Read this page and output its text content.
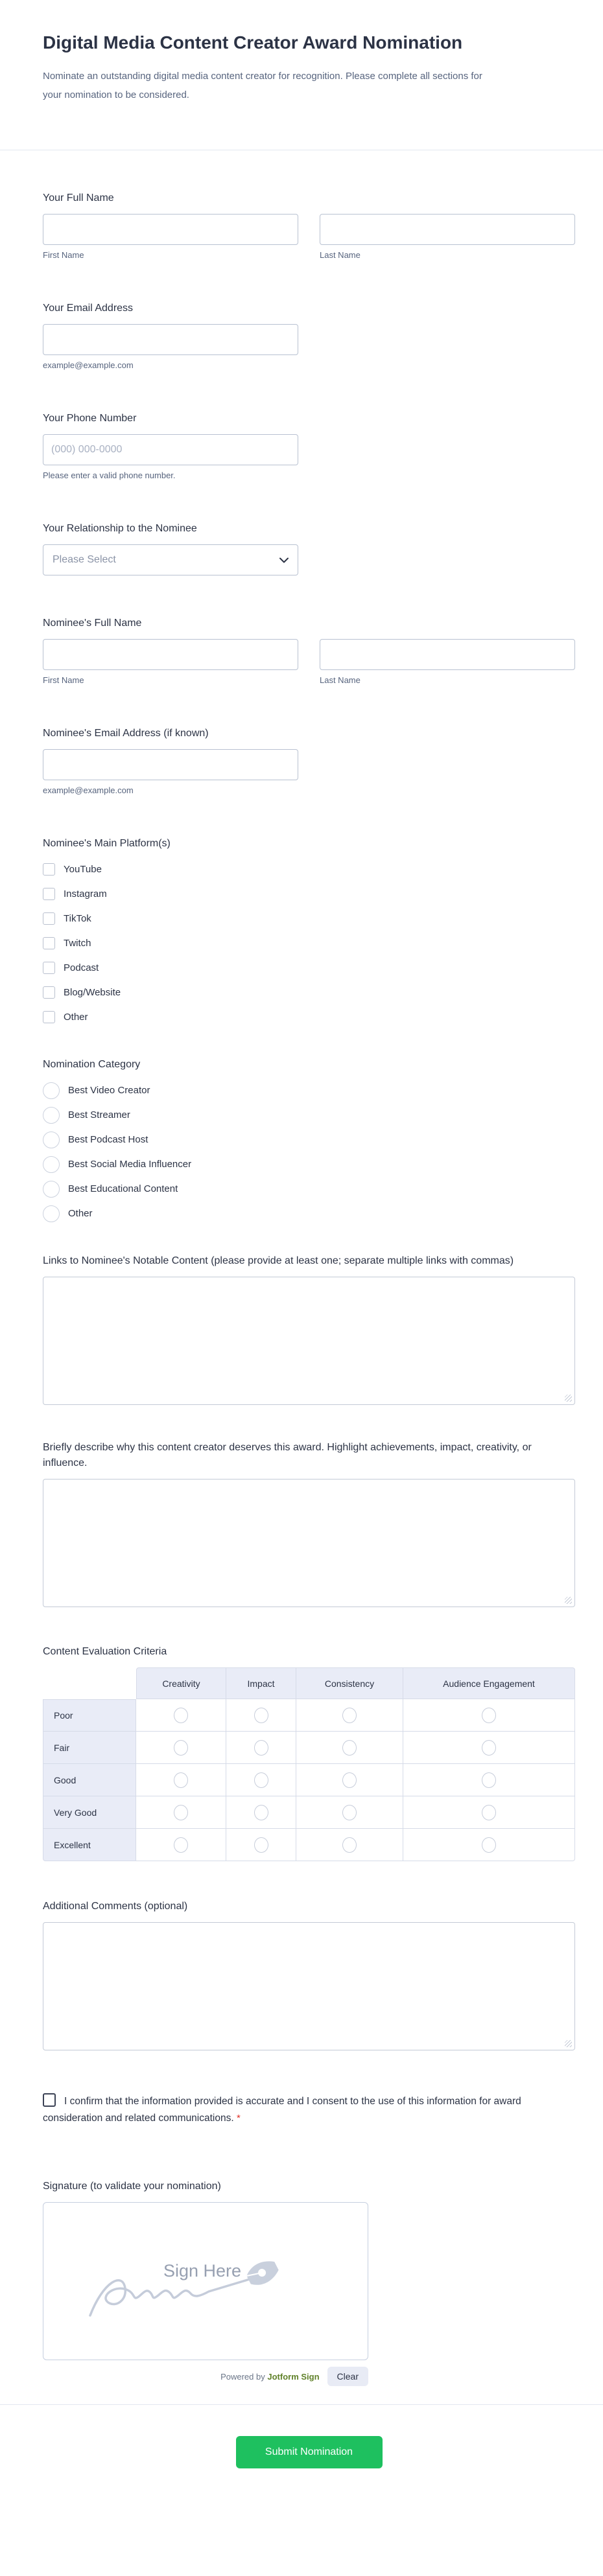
Digital Media Content Creator Award Nomination

Nominate an outstanding digital media content creator for recognition. Please complete all sections for your nomination to be considered.

Your Full Name
First Name	Last Name
Your Email Address
example@example.com
Your Phone Number
(000) 000-0000
Please enter a valid phone number.
Your Relationship to the Nominee
Please Select
Nominee's Full Name
First Name	Last Name
Nominee's Email Address (if known)
example@example.com
Nominee's Main Platform(s)
YouTube
Instagram
TikTok
Twitch
Podcast
Blog/Website
Other
Nomination Category
Best Video Creator
Best Streamer
Best Podcast Host
Best Social Media Influencer
Best Educational Content
Other
Links to Nominee's Notable Content (please provide at least one; separate multiple links with commas)
Briefly describe why this content creator deserves this award. Highlight achievements, impact, creativity, or influence.
Content Evaluation Criteria
Creativity	Impact	Consistency	Audience Engagement
Poor
Fair
Good
Very Good
Excellent
Additional Comments (optional)
I confirm that the information provided is accurate and I consent to the use of this information for award consideration and related communications. *
Signature (to validate your nomination)
Sign Here
Powered by Jotform Sign	Clear
Submit Nomination
